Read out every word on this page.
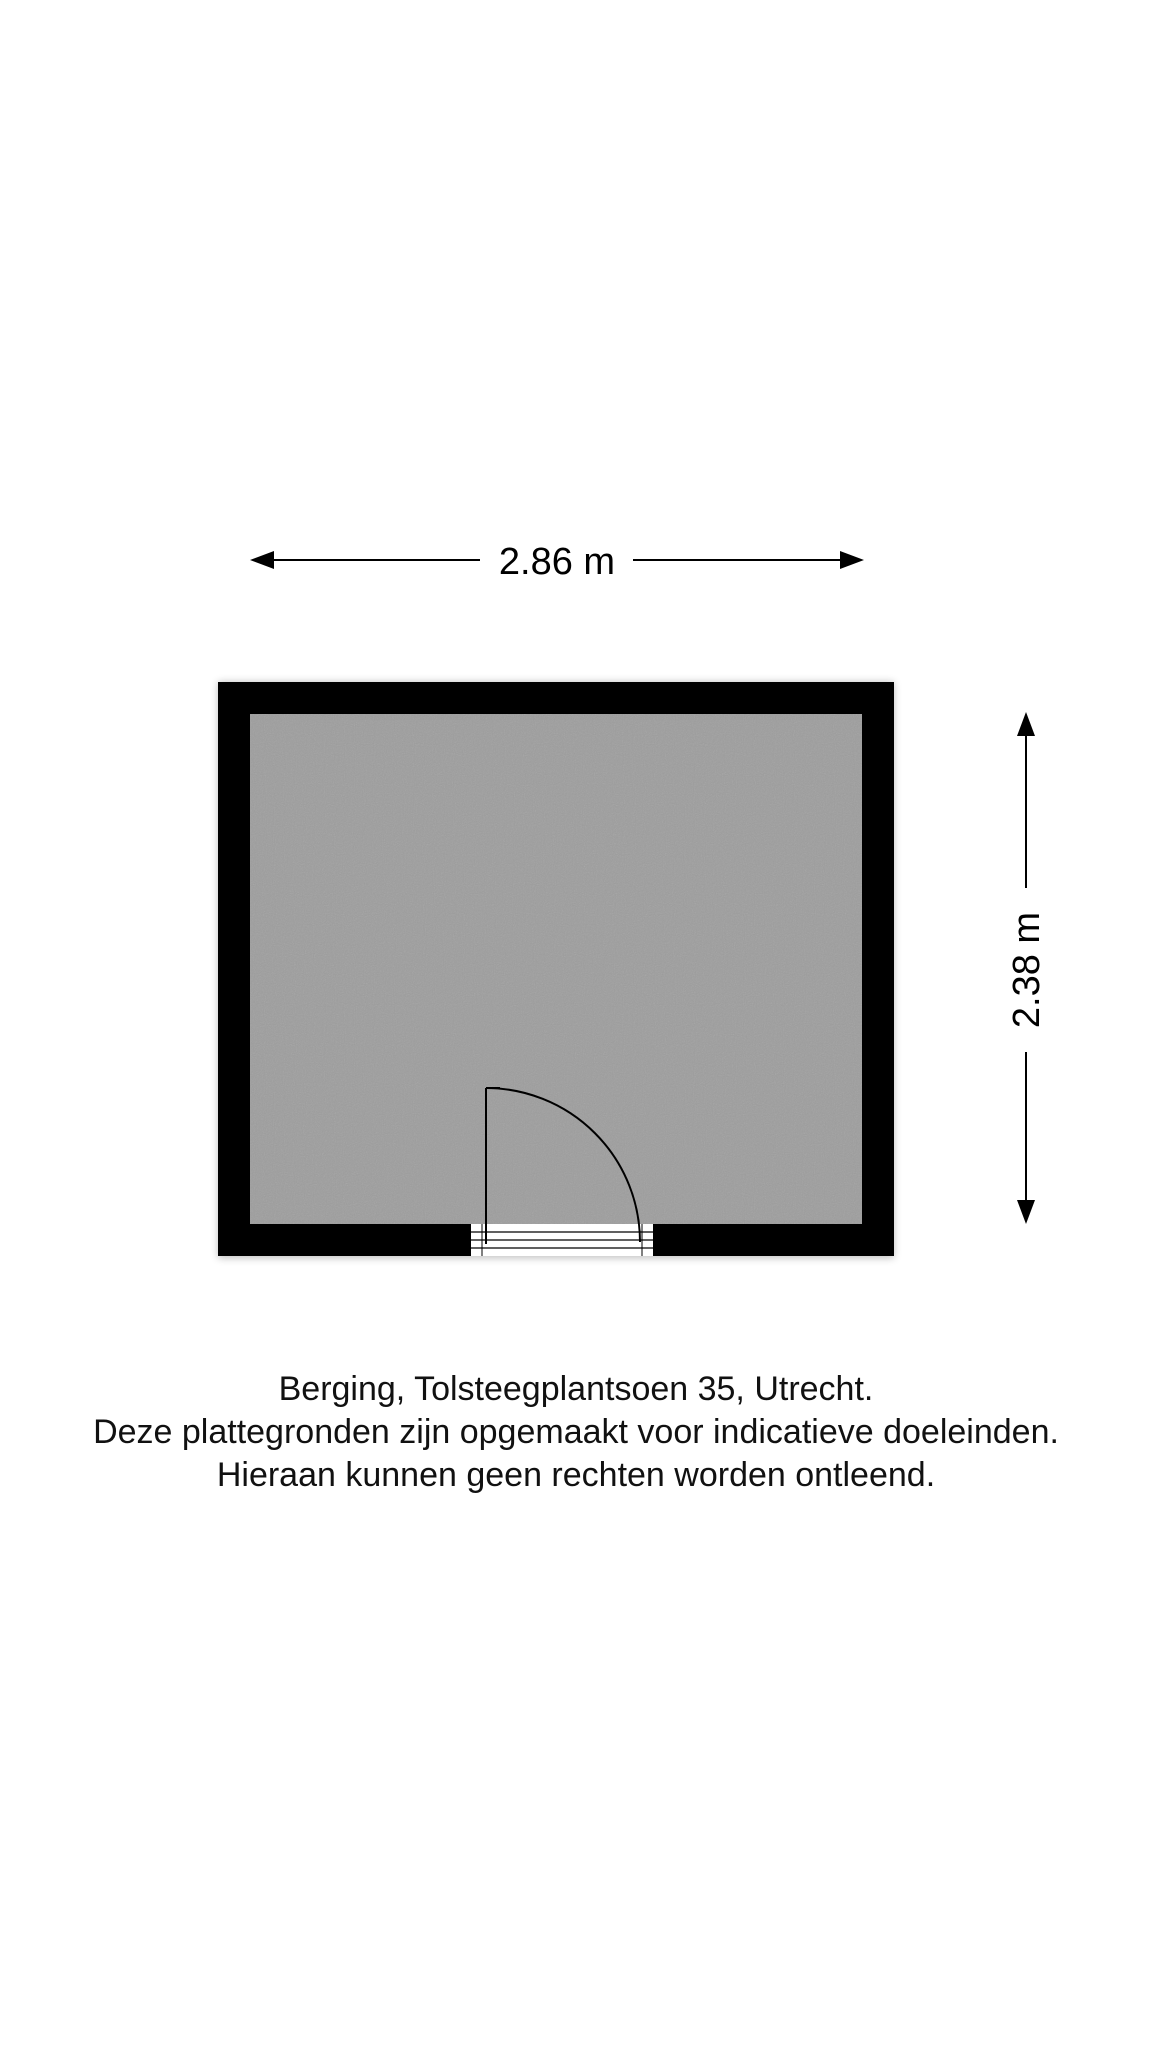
2.86 m
2.38 m
Berging, Tolsteegplantsoen 35, Utrecht.
Deze plattegronden zijn opgemaakt voor indicatieve doeleinden.
Hieraan kunnen geen rechten worden ontleend.
